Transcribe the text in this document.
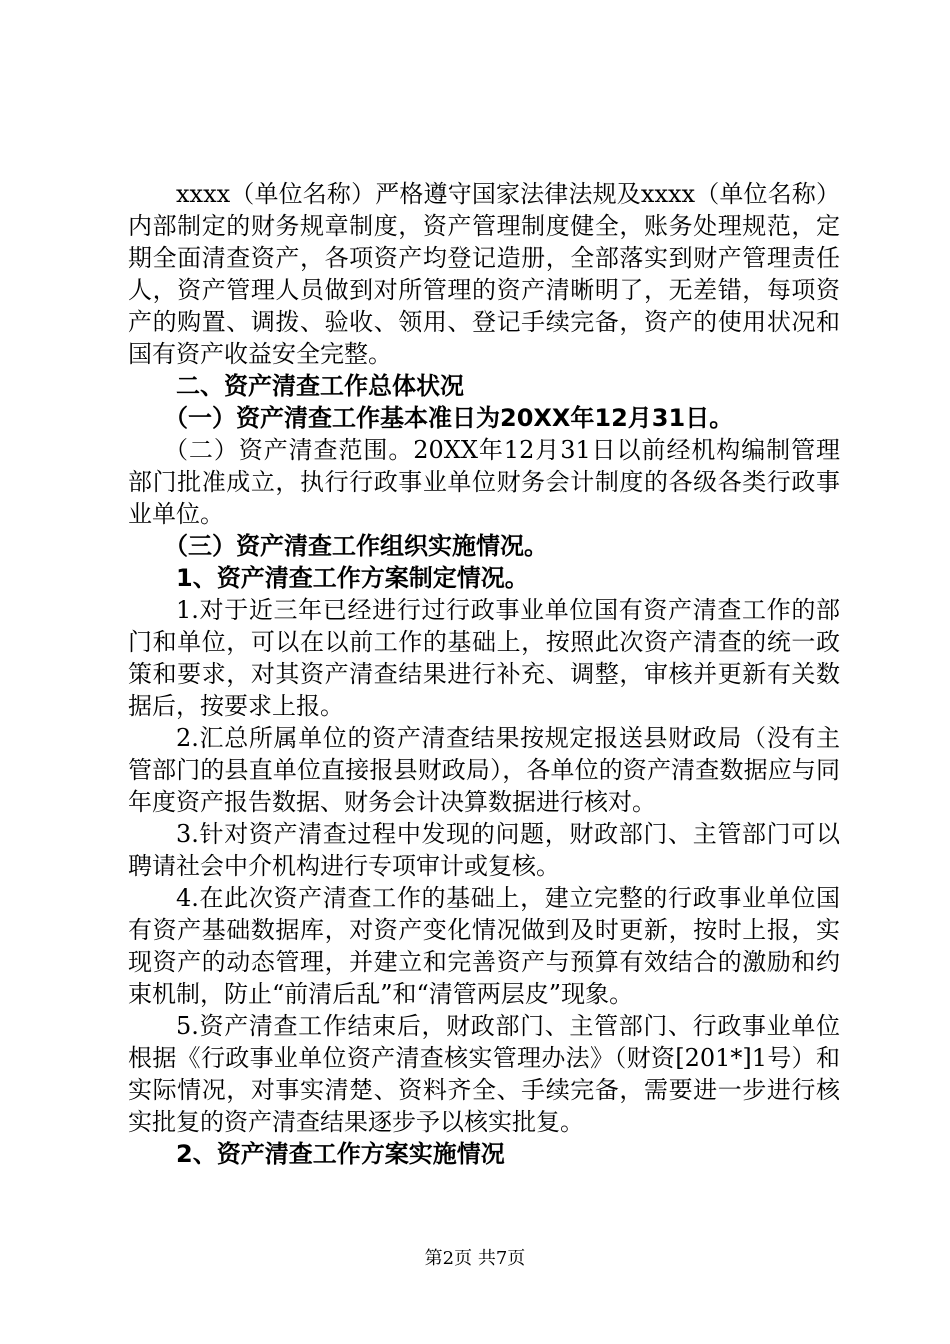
xxxx（单位名称）严格遵守国家法律法规及xxxx（单位名称）内部制定的财务规章制度，资产管理制度健全，账务处理规范，定期全面清查资产，各项资产均登记造册，全部落实到财产管理责任人，资产管理人员做到对所管理的资产清晰明了，无差错，每项资产的购置、调拨、验收、领用、登记手续完备，资产的使用状况和国有资产收益安全完整。

二、资产清查工作总体状况

（一）资产清查工作基本准日为20XX年12月31日。

（二）资产清查范围。20XX年12月31日以前经机构编制管理部门批准成立，执行行政事业单位财务会计制度的各级各类行政事业单位。

（三）资产清查工作组织实施情况。

1、资产清查工作方案制定情况。

1.对于近三年已经进行过行政事业单位国有资产清查工作的部门和单位，可以在以前工作的基础上，按照此次资产清查的统一政策和要求，对其资产清查结果进行补充、调整，审核并更新有关数据后，按要求上报。

2.汇总所属单位的资产清查结果按规定报送县财政局（没有主管部门的县直单位直接报县财政局），各单位的资产清查数据应与同年度资产报告数据、财务会计决算数据进行核对。

3.针对资产清查过程中发现的问题，财政部门、主管部门可以聘请社会中介机构进行专项审计或复核。

4.在此次资产清查工作的基础上，建立完整的行政事业单位国有资产基础数据库，对资产变化情况做到及时更新，按时上报，实现资产的动态管理，并建立和完善资产与预算有效结合的激励和约束机制，防止“前清后乱”和“清管两层皮”现象。

5.资产清查工作结束后，财政部门、主管部门、行政事业单位根据《行政事业单位资产清查核实管理办法》（财资[201*]1号）和实际情况，对事实清楚、资料齐全、手续完备，需要进一步进行核实批复的资产清查结果逐步予以核实批复。

2、资产清查工作方案实施情况

第2页 共7页
